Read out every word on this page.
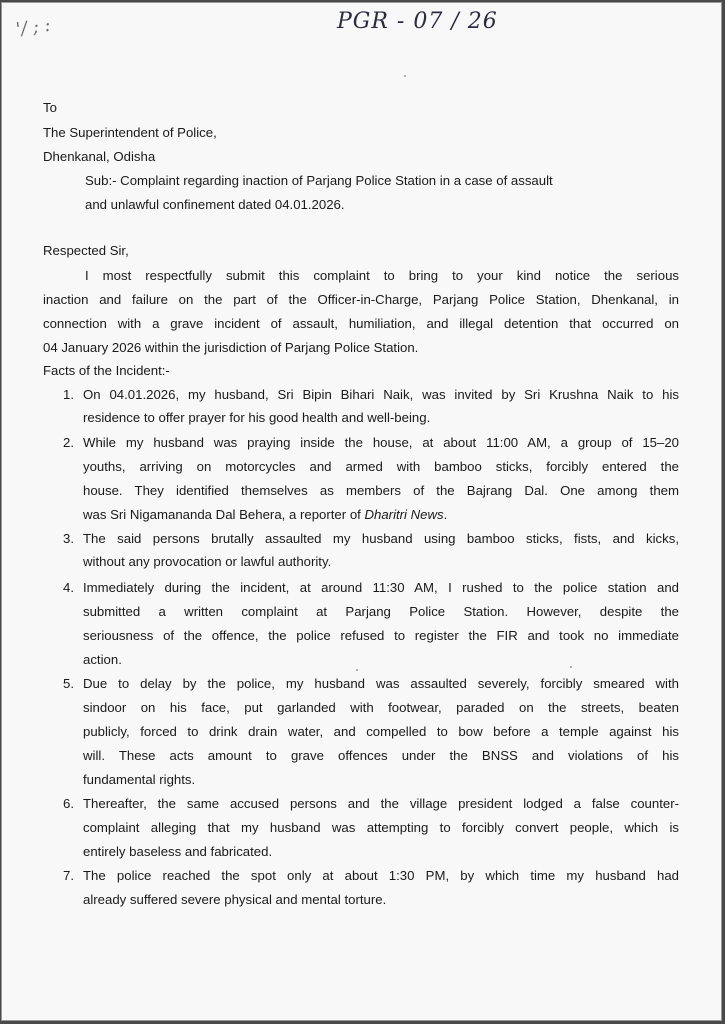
'/ ; :	PGR - 07 / 26
To
The Superintendent of Police,
Dhenkanal, Odisha
Sub:- Complaint regarding inaction of Parjang Police Station in a case of assault
and unlawful confinement dated 04.01.2026.
Respected Sir,
I most respectfully submit this complaint to bring to your kind notice the serious
inaction and failure on the part of the Officer-in-Charge, Parjang Police Station, Dhenkanal, in
connection with a grave incident of assault, humiliation, and illegal detention that occurred on
04 January 2026 within the jurisdiction of Parjang Police Station.
Facts of the Incident:-
1. On 04.01.2026, my husband, Sri Bipin Bihari Naik, was invited by Sri Krushna Naik to his
residence to offer prayer for his good health and well-being.
2. While my husband was praying inside the house, at about 11:00 AM, a group of 15–20
youths, arriving on motorcycles and armed with bamboo sticks, forcibly entered the
house. They identified themselves as members of the Bajrang Dal. One among them
was Sri Nigamananda Dal Behera, a reporter of Dharitri News.
3. The said persons brutally assaulted my husband using bamboo sticks, fists, and kicks,
without any provocation or lawful authority.
4. Immediately during the incident, at around 11:30 AM, I rushed to the police station and
submitted a written complaint at Parjang Police Station. However, despite the
seriousness of the offence, the police refused to register the FIR and took no immediate
action.
5. Due to delay by the police, my husband was assaulted severely, forcibly smeared with
sindoor on his face, put garlanded with footwear, paraded on the streets, beaten
publicly, forced to drink drain water, and compelled to bow before a temple against his
will. These acts amount to grave offences under the BNSS and violations of his
fundamental rights.
6. Thereafter, the same accused persons and the village president lodged a false counter-
complaint alleging that my husband was attempting to forcibly convert people, which is
entirely baseless and fabricated.
7. The police reached the spot only at about 1:30 PM, by which time my husband had
already suffered severe physical and mental torture.
